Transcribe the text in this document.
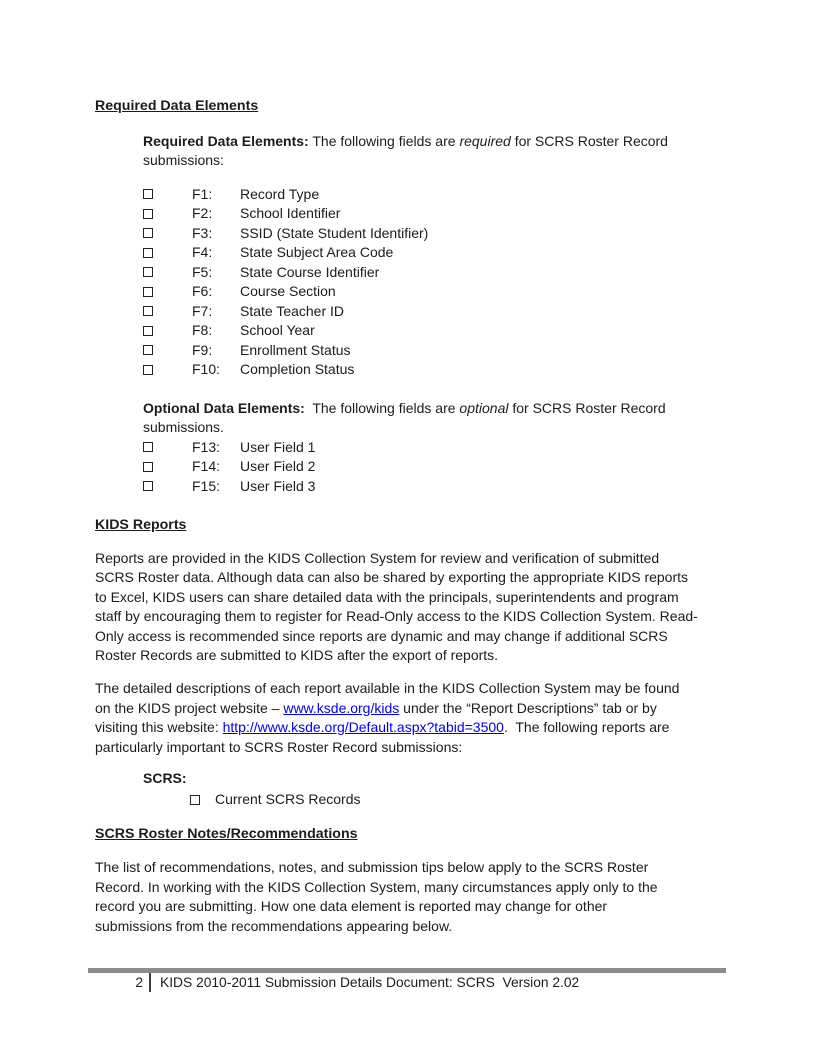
Required Data Elements
Required Data Elements: The following fields are required for SCRS Roster Record
submissions:
F1:	Record Type
F2:	School Identifier
F3:	SSID (State Student Identifier)
F4:	State Subject Area Code
F5:	State Course Identifier
F6:	Course Section
F7:	State Teacher ID
F8:	School Year
F9:	Enrollment Status
F10:	Completion Status
Optional Data Elements:  The following fields are optional for SCRS Roster Record
submissions.
F13:	User Field 1
F14:	User Field 2
F15:	User Field 3
KIDS Reports
Reports are provided in the KIDS Collection System for review and verification of submitted
SCRS Roster data. Although data can also be shared by exporting the appropriate KIDS reports
to Excel, KIDS users can share detailed data with the principals, superintendents and program
staff by encouraging them to register for Read-Only access to the KIDS Collection System. Read-
Only access is recommended since reports are dynamic and may change if additional SCRS
Roster Records are submitted to KIDS after the export of reports.
The detailed descriptions of each report available in the KIDS Collection System may be found
on the KIDS project website – www.ksde.org/kids under the “Report Descriptions” tab or by
visiting this website: http://www.ksde.org/Default.aspx?tabid=3500.  The following reports are
particularly important to SCRS Roster Record submissions:
SCRS:
Current SCRS Records
SCRS Roster Notes/Recommendations
The list of recommendations, notes, and submission tips below apply to the SCRS Roster
Record. In working with the KIDS Collection System, many circumstances apply only to the
record you are submitting. How one data element is reported may change for other
submissions from the recommendations appearing below.
2 KIDS 2010-2011 Submission Details Document: SCRS  Version 2.02
